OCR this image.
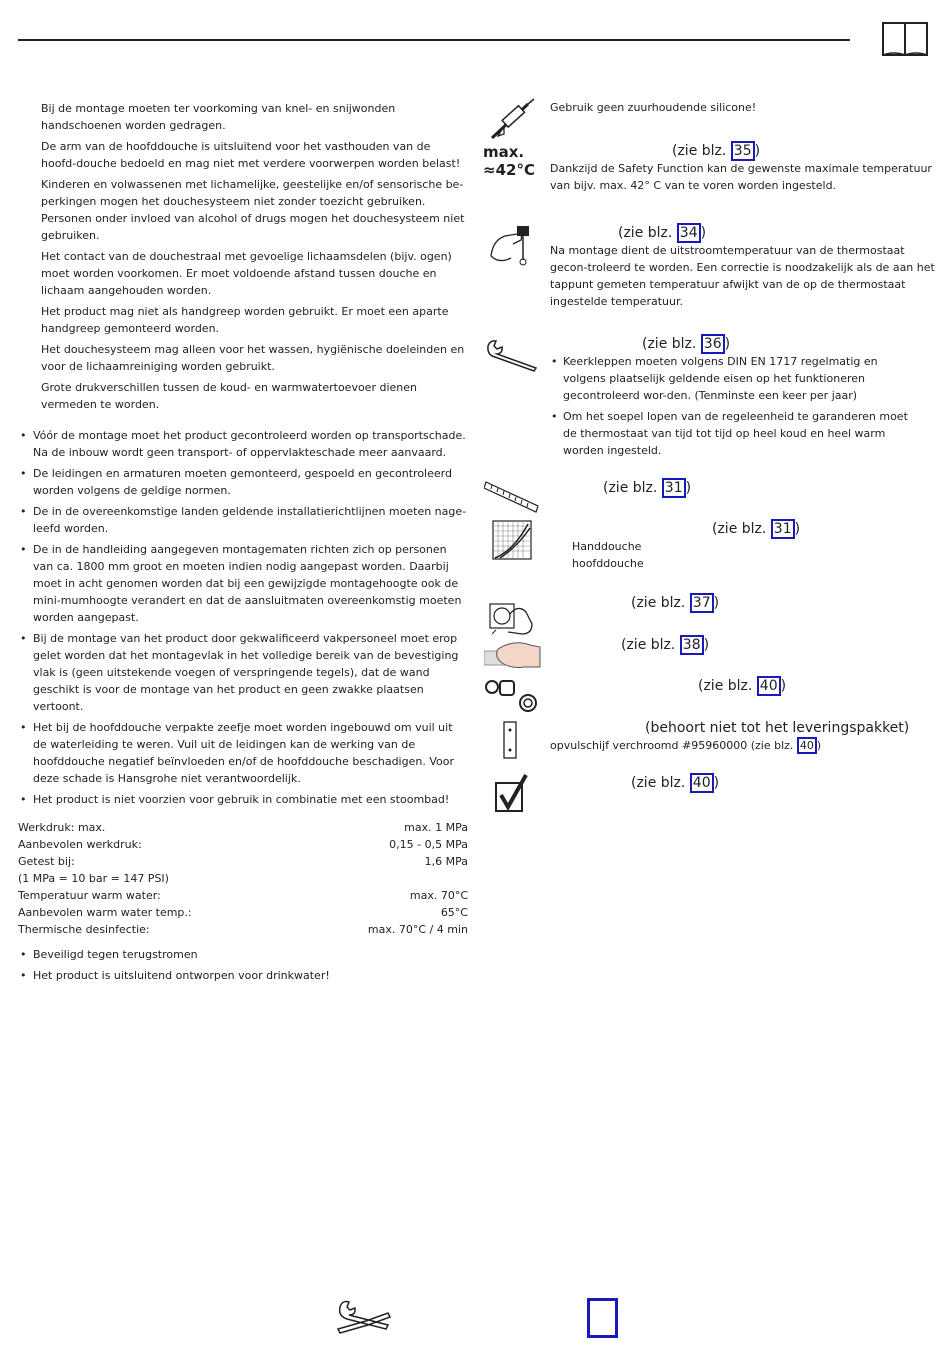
Bij de montage moeten ter voorkoming van knel- en snijwonden handschoenen worden gedragen.

De arm van de hoofddouche is uitsluitend voor het vasthouden van de hoofd-douche bedoeld en mag niet met verdere voorwerpen worden belast!

Kinderen en volwassenen met lichamelijke, geestelijke en/of sensorische be-perkingen mogen het douchesysteem niet zonder toezicht gebruiken. Personen onder invloed van alcohol of drugs mogen het douchesysteem niet gebruiken.

Het contact van de douchestraal met gevoelige lichaamsdelen (bijv. ogen) moet worden voorkomen. Er moet voldoende afstand tussen douche en lichaam aangehouden worden.

Het product mag niet als handgreep worden gebruikt. Er moet een aparte handgreep gemonteerd worden.

Het douchesysteem mag alleen voor het wassen, hygiënische doeleinden en voor de lichaamreiniging worden gebruikt.

Grote drukverschillen tussen de koud- en warmwatertoevoer dienen vermeden te worden.

• Vóór de montage moet het product gecontroleerd worden op transportschade. Na de inbouw wordt geen transport- of oppervlakteschade meer aanvaard.
• De leidingen en armaturen moeten gemonteerd, gespoeld en gecontroleerd worden volgens de geldige normen.
• De in de overeenkomstige landen geldende installatierichtlijnen moeten nage-leefd worden.
• De in de handleiding aangegeven montagematen richten zich op personen van ca. 1800 mm groot en moeten indien nodig aangepast worden. Daarbij moet in acht genomen worden dat bij een gewijzigde montagehoogte ook de mini-mumhoogte verandert en dat de aansluitmaten overeenkomstig moeten worden aangepast.
• Bij de montage van het product door gekwalificeerd vakpersoneel moet erop gelet worden dat het montagevlak in het volledige bereik van de bevestiging vlak is (geen uitstekende voegen of verspringende tegels), dat de wand geschikt is voor de montage van het product en geen zwakke plaatsen vertoont.
• Het bij de hoofddouche verpakte zeefje moet worden ingebouwd om vuil uit de waterleiding te weren. Vuil uit de leidingen kan de werking van de hoofddouche negatief beïnvloeden en/of de hoofddouche beschadigen. Voor deze schade is Hansgrohe niet verantwoordelijk.
• Het product is niet voorzien voor gebruik in combinatie met een stoombad!
Werkdruk: max.	max. 1 MPa
Aanbevolen werkdruk:	0,15 - 0,5 MPa
Getest bij:	1,6 MPa
(1 MPa = 10 bar = 147 PSI)
Temperatuur warm water:	max. 70°C
Aanbevolen warm water temp.:	65°C
Thermische desinfectie:	max. 70°C / 4 min
• Beveiligd tegen terugstromen
• Het product is uitsluitend ontworpen voor drinkwater!
Gebruik geen zuurhoudende silicone!
max.
≈42°C
(zie blz. 35 )
Dankzijd de Safety Function kan de gewenste maximale temperatuur van bijv. max. 42° C van te voren worden ingesteld.
(zie blz. 34 )
Na montage dient de uitstroomtemperatuur van de thermostaat gecon-troleerd te worden. Een correctie is noodzakelijk als de aan het tappunt gemeten temperatuur afwijkt van de op de thermostaat ingestelde temperatuur.
(zie blz. 36 )
• Keerkleppen moeten volgens DIN EN 1717 regelmatig en volgens plaatselijk geldende eisen op het funktioneren gecontroleerd wor-den. (Tenminste een keer per jaar)
• Om het soepel lopen van de regeleenheid te garanderen moet de thermostaat van tijd tot tijd op heel koud en heel warm worden ingesteld.
(zie blz. 31 )
(zie blz. 31 )
Handdouche
hoofddouche
(zie blz. 37 )
(zie blz. 38 )
(zie blz. 40 )
(behoort niet tot het leveringspakket)
opvulschijf verchroomd #95960000 (zie blz. 40 )
(zie blz. 40 )
